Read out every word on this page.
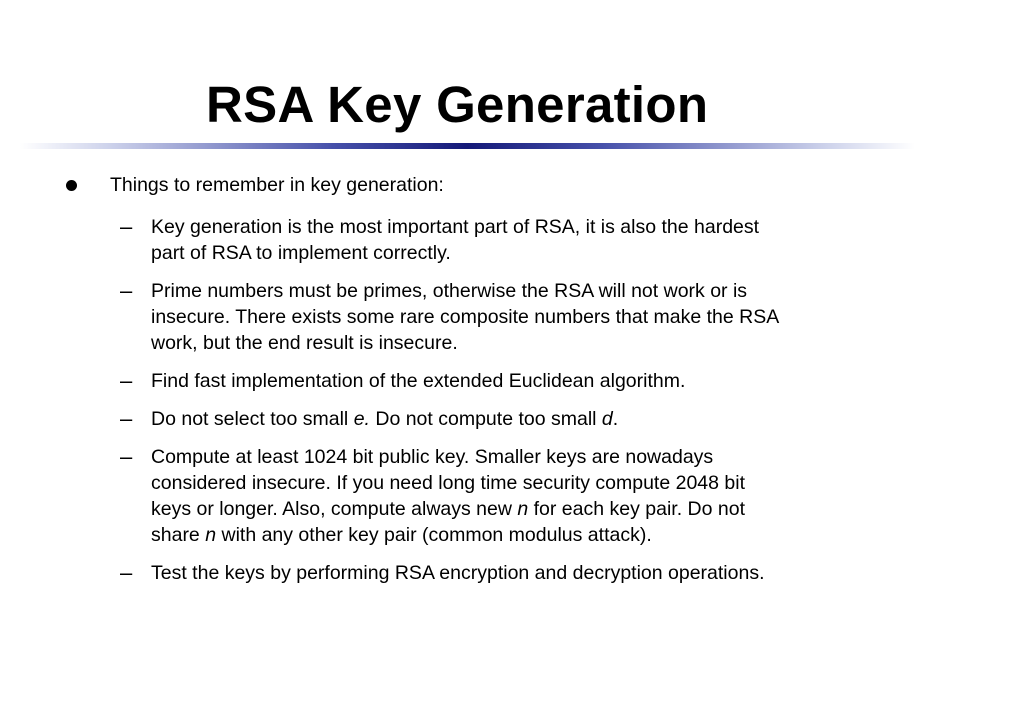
RSA Key Generation
Things to remember in key generation:
– Key generation is the most important part of RSA, it is also the hardest
part of RSA to implement correctly.
– Prime numbers must be primes, otherwise the RSA will not work or is
insecure. There exists some rare composite numbers that make the RSA
work, but the end result is insecure.
– Find fast implementation of the extended Euclidean algorithm.
– Do not select too small e. Do not compute too small d.
– Compute at least 1024 bit public key. Smaller keys are nowadays
considered insecure. If you need long time security compute 2048 bit
keys or longer. Also, compute always new n for each key pair. Do not
share n with any other key pair (common modulus attack).
– Test the keys by performing RSA encryption and decryption operations.
